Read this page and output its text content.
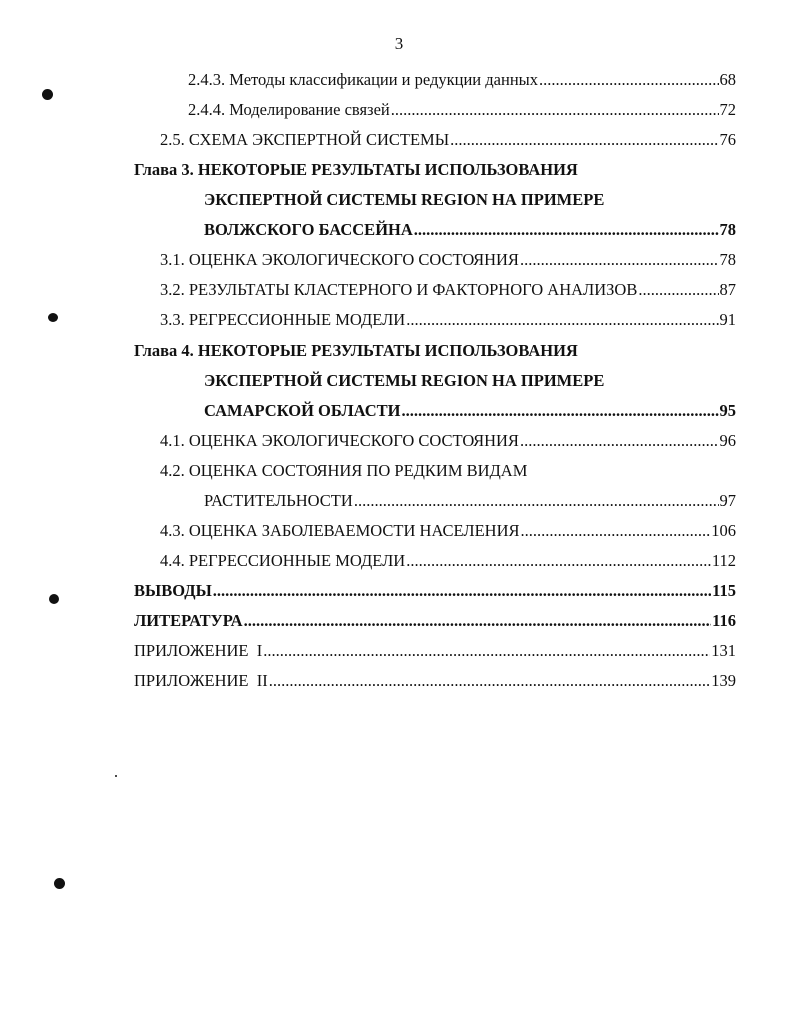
3
2.4.3. Методы классификации и редукции данных .....	68
2.4.4. Моделирование связей .....	72
2.5. СХЕМА ЭКСПЕРТНОЙ СИСТЕМЫ .....	76
Глава 3. НЕКОТОРЫЕ РЕЗУЛЬТАТЫ ИСПОЛЬЗОВАНИЯ
ЭКСПЕРТНОЙ СИСТЕМЫ REGION НА ПРИМЕРЕ
ВОЛЖСКОГО БАССЕЙНА .....	78
3.1. ОЦЕНКА ЭКОЛОГИЧЕСКОГО СОСТОЯНИЯ .....	78
3.2. РЕЗУЛЬТАТЫ КЛАСТЕРНОГО И ФАКТОРНОГО АНАЛИЗОВ .....	87
3.3. РЕГРЕССИОННЫЕ МОДЕЛИ .....	91
Глава 4. НЕКОТОРЫЕ РЕЗУЛЬТАТЫ ИСПОЛЬЗОВАНИЯ
ЭКСПЕРТНОЙ СИСТЕМЫ REGION НА ПРИМЕРЕ
САМАРСКОЙ ОБЛАСТИ .....	95
4.1. ОЦЕНКА ЭКОЛОГИЧЕСКОГО СОСТОЯНИЯ .....	96
4.2. ОЦЕНКА СОСТОЯНИЯ ПО РЕДКИМ ВИДАМ
РАСТИТЕЛЬНОСТИ .....	97
4.3. ОЦЕНКА ЗАБОЛЕВАЕМОСТИ НАСЕЛЕНИЯ .....	106
4.4. РЕГРЕССИОННЫЕ МОДЕЛИ .....	112
ВЫВОДЫ .....	115
ЛИТЕРАТУРА .....	116
ПРИЛОЖЕНИЕ  I .....	131
ПРИЛОЖЕНИЕ  II .....	139
